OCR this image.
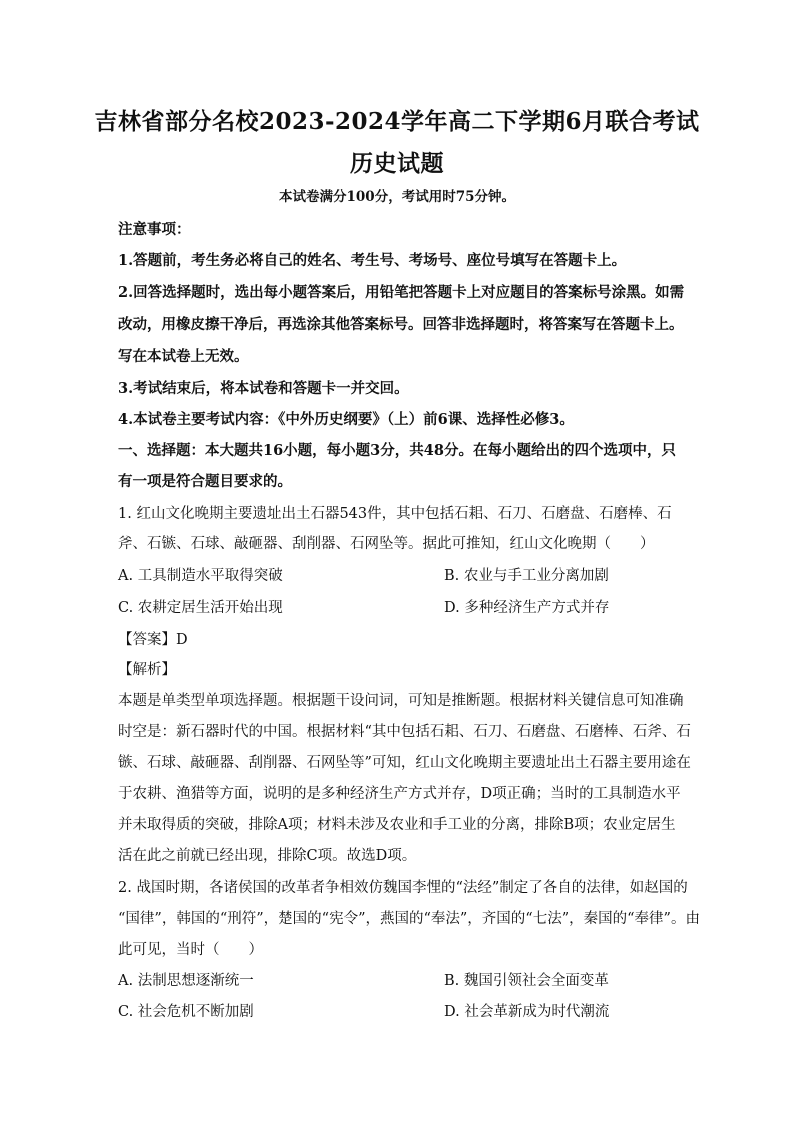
吉林省部分名校2023-2024学年高二下学期6月联合考试
历史试题
本试卷满分100分，考试用时75分钟。
注意事项：
1.答题前，考生务必将自己的姓名、考生号、考场号、座位号填写在答题卡上。
2.回答选择题时，选出每小题答案后，用铅笔把答题卡上对应题目的答案标号涂黑。如需
改动，用橡皮擦干净后，再选涂其他答案标号。回答非选择题时，将答案写在答题卡上。
写在本试卷上无效。
3.考试结束后，将本试卷和答题卡一并交回。
4.本试卷主要考试内容：《中外历史纲要》（上）前6课、选择性必修3。
一、选择题：本大题共16小题，每小题3分，共48分。在每小题给出的四个选项中，只
有一项是符合题目要求的。
1. 红山文化晚期主要遗址出土石器543件，其中包括石耜、石刀、石磨盘、石磨棒、石
斧、石镞、石球、敲砸器、刮削器、石网坠等。据此可推知，红山文化晚期（　　）
A. 工具制造水平取得突破	B. 农业与手工业分离加剧
C. 农耕定居生活开始出现	D. 多种经济生产方式并存
【答案】D
【解析】
本题是单类型单项选择题。根据题干设问词，可知是推断题。根据材料关键信息可知准确
时空是：新石器时代的中国。根据材料“其中包括石耜、石刀、石磨盘、石磨棒、石斧、石
镞、石球、敲砸器、刮削器、石网坠等”可知，红山文化晚期主要遗址出土石器主要用途在
于农耕、渔猎等方面，说明的是多种经济生产方式并存，D项正确；当时的工具制造水平
并未取得质的突破，排除A项；材料未涉及农业和手工业的分离，排除B项；农业定居生
活在此之前就已经出现，排除C项。故选D项。
2. 战国时期，各诸侯国的改革者争相效仿魏国李悝的“法经”制定了各自的法律，如赵国的
“国律”，韩国的“刑符”，楚国的“宪令”，燕国的“奉法”，齐国的“七法”，秦国的“奉律”。由
此可见，当时（　　）
A. 法制思想逐渐统一	B. 魏国引领社会全面变革
C. 社会危机不断加剧	D. 社会革新成为时代潮流
